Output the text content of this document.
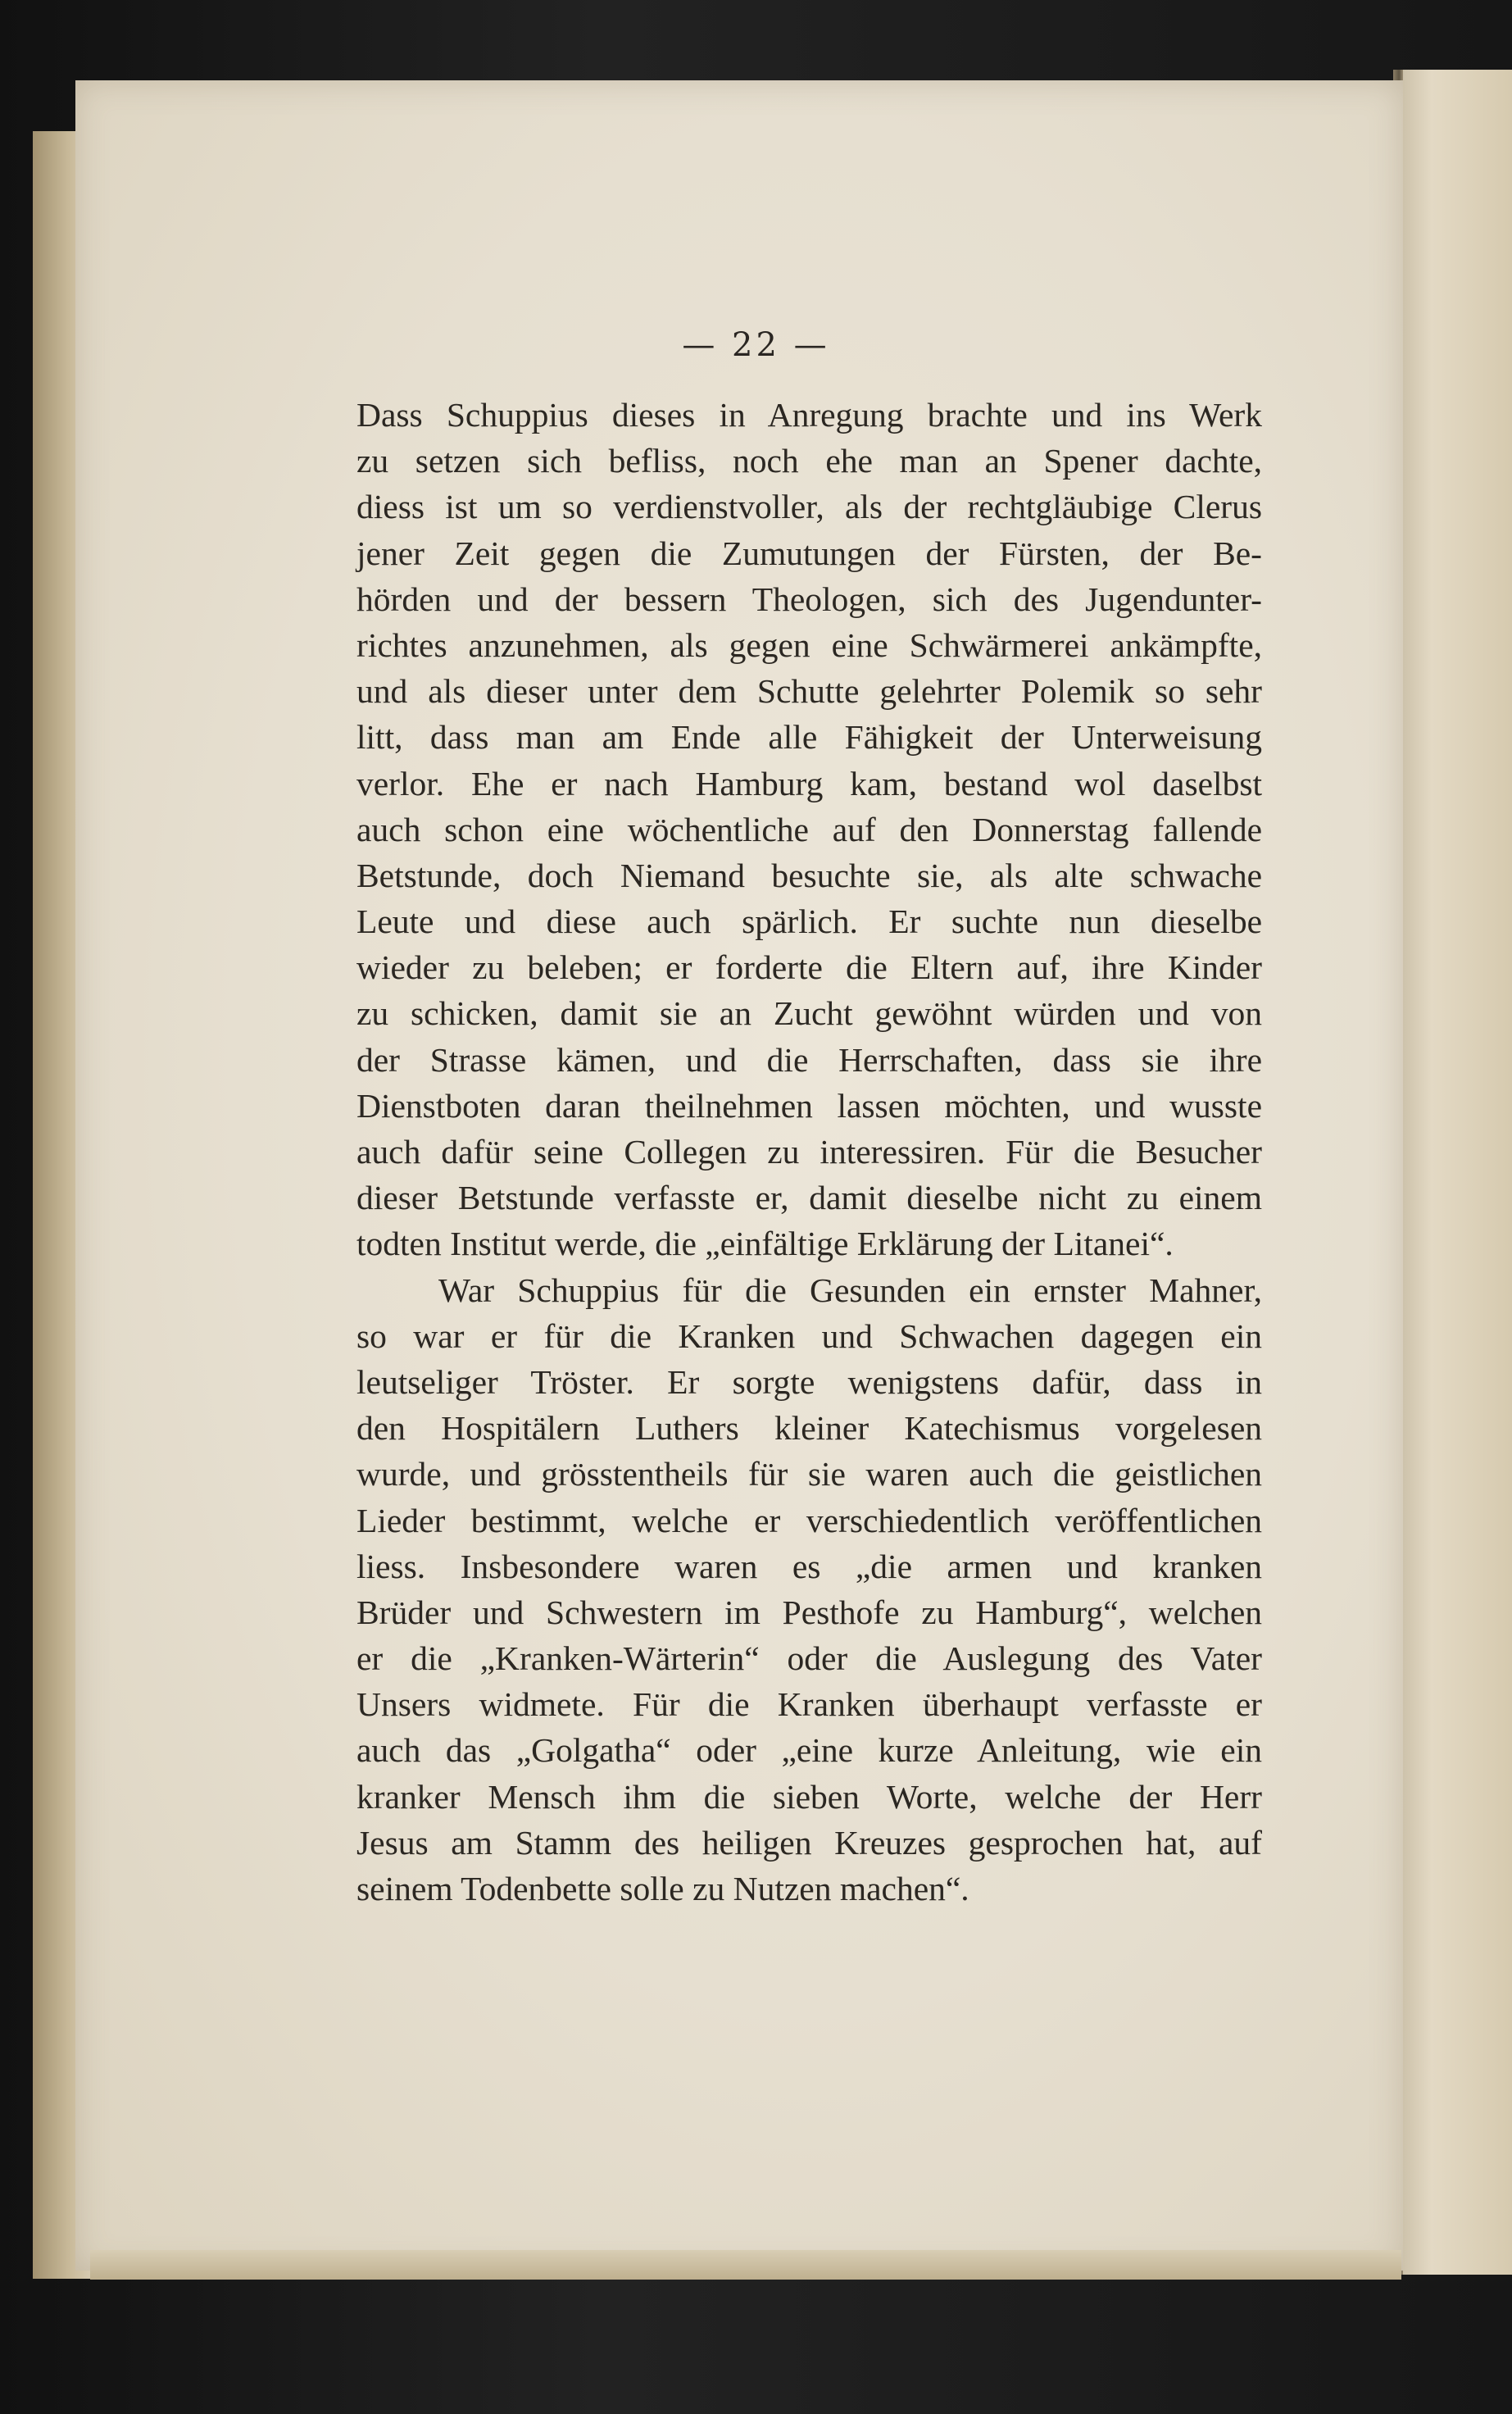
— 22 —
Dass Schuppius dieses in Anregung brachte und ins Werk
zu setzen sich befliss, noch ehe man an Spener dachte,
diess ist um so verdienstvoller, als der rechtgläubige Clerus
jener Zeit gegen die Zumutungen der Fürsten, der Be-
hörden und der bessern Theologen, sich des Jugendunter-
richtes anzunehmen, als gegen eine Schwärmerei ankämpfte,
und als dieser unter dem Schutte gelehrter Polemik so sehr
litt, dass man am Ende alle Fähigkeit der Unterweisung
verlor. Ehe er nach Hamburg kam, bestand wol daselbst
auch schon eine wöchentliche auf den Donnerstag fallende
Betstunde, doch Niemand besuchte sie, als alte schwache
Leute und diese auch spärlich. Er suchte nun dieselbe
wieder zu beleben; er forderte die Eltern auf, ihre Kinder
zu schicken, damit sie an Zucht gewöhnt würden und von
der Strasse kämen, und die Herrschaften, dass sie ihre
Dienstboten daran theilnehmen lassen möchten, und wusste
auch dafür seine Collegen zu interessiren. Für die Besucher
dieser Betstunde verfasste er, damit dieselbe nicht zu einem
todten Institut werde, die „einfältige Erklärung der Litanei“.
War Schuppius für die Gesunden ein ernster Mahner,
so war er für die Kranken und Schwachen dagegen ein
leutseliger Tröster. Er sorgte wenigstens dafür, dass in
den Hospitälern Luthers kleiner Katechismus vorgelesen
wurde, und grösstentheils für sie waren auch die geistlichen
Lieder bestimmt, welche er verschiedentlich veröffentlichen
liess. Insbesondere waren es „die armen und kranken
Brüder und Schwestern im Pesthofe zu Hamburg“, welchen
er die „Kranken-Wärterin“ oder die Auslegung des Vater
Unsers widmete. Für die Kranken überhaupt verfasste er
auch das „Golgatha“ oder „eine kurze Anleitung, wie ein
kranker Mensch ihm die sieben Worte, welche der Herr
Jesus am Stamm des heiligen Kreuzes gesprochen hat, auf
seinem Todenbette solle zu Nutzen machen“.
